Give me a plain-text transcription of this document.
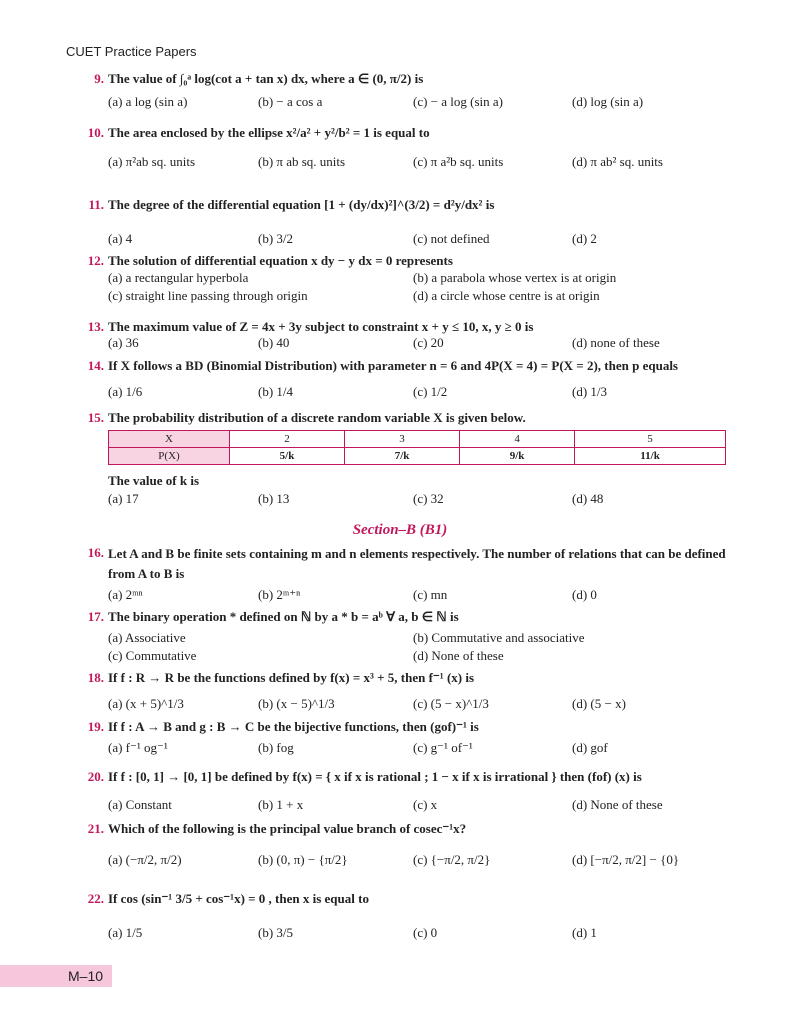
CUET Practice Papers
9. The value of ∫₀ᵃ log(cot a + tan x) dx, where a ∈ (0, π/2) is
(a) a log (sin a)	(b) − a cos a	(c) − a log (sin a)	(d) log (sin a)
10. The area enclosed by the ellipse x²/a² + y²/b² = 1 is equal to
(a) π²ab sq. units	(b) π ab sq. units	(c) π a²b sq. units	(d) π ab² sq. units
11. The degree of the differential equation [1 + (dy/dx)²]^(3/2) = d²y/dx² is
(a) 4	(b) 3/2	(c) not defined	(d) 2
12. The solution of differential equation x dy − y dx = 0 represents
(a) a rectangular hyperbola	(b) a parabola whose vertex is at origin
(c) straight line passing through origin	(d) a circle whose centre is at origin
13. The maximum value of Z = 4x + 3y subject to constraint x + y ≤ 10, x, y ≥ 0 is
(a) 36	(b) 40	(c) 20	(d) none of these
14. If X follows a BD (Binomial Distribution) with parameter n = 6 and 4P(X = 4) = P(X = 2), then p equals
(a) 1/6	(b) 1/4	(c) 1/2	(d) 1/3
15. The probability distribution of a discrete random variable X is given below.
X	2	3	4	5
P(X)	5/k	7/k	9/k	11/k
The value of k is
(a) 17	(b) 13	(c) 32	(d) 48
Section–B (B1)
16. Let A and B be finite sets containing m and n elements respectively. The number of relations that can be defined from A to B is
(a) 2ᵐⁿ	(b) 2ᵐ⁺ⁿ	(c) mn	(d) 0
17. The binary operation * defined on ℕ by a * b = aᵇ ∀ a, b ∈ ℕ is
(a) Associative	(b) Commutative and associative
(c) Commutative	(d) None of these
18. If f : R → R be the functions defined by f(x) = x³ + 5, then f⁻¹ (x) is
(a) (x + 5)^1/3	(b) (x − 5)^1/3	(c) (5 − x)^1/3	(d) (5 − x)
19. If f : A → B and g : B → C be the bijective functions, then (gof)⁻¹ is
(a) f⁻¹ og⁻¹	(b) fog	(c) g⁻¹ of⁻¹	(d) gof
20. If f : [0, 1] → [0, 1] be defined by f(x) = { x if x is rational ; 1 − x if x is irrational } then (fof) (x) is
(a) Constant	(b) 1 + x	(c) x	(d) None of these
21. Which of the following is the principal value branch of cosec⁻¹x?
(a) (−π/2, π/2)	(b) (0, π) − {π/2}	(c) {−π/2, π/2}	(d) [−π/2, π/2] − {0}
22. If cos (sin⁻¹ 3/5 + cos⁻¹x) = 0 , then x is equal to
(a) 1/5	(b) 3/5	(c) 0	(d) 1
M–10
